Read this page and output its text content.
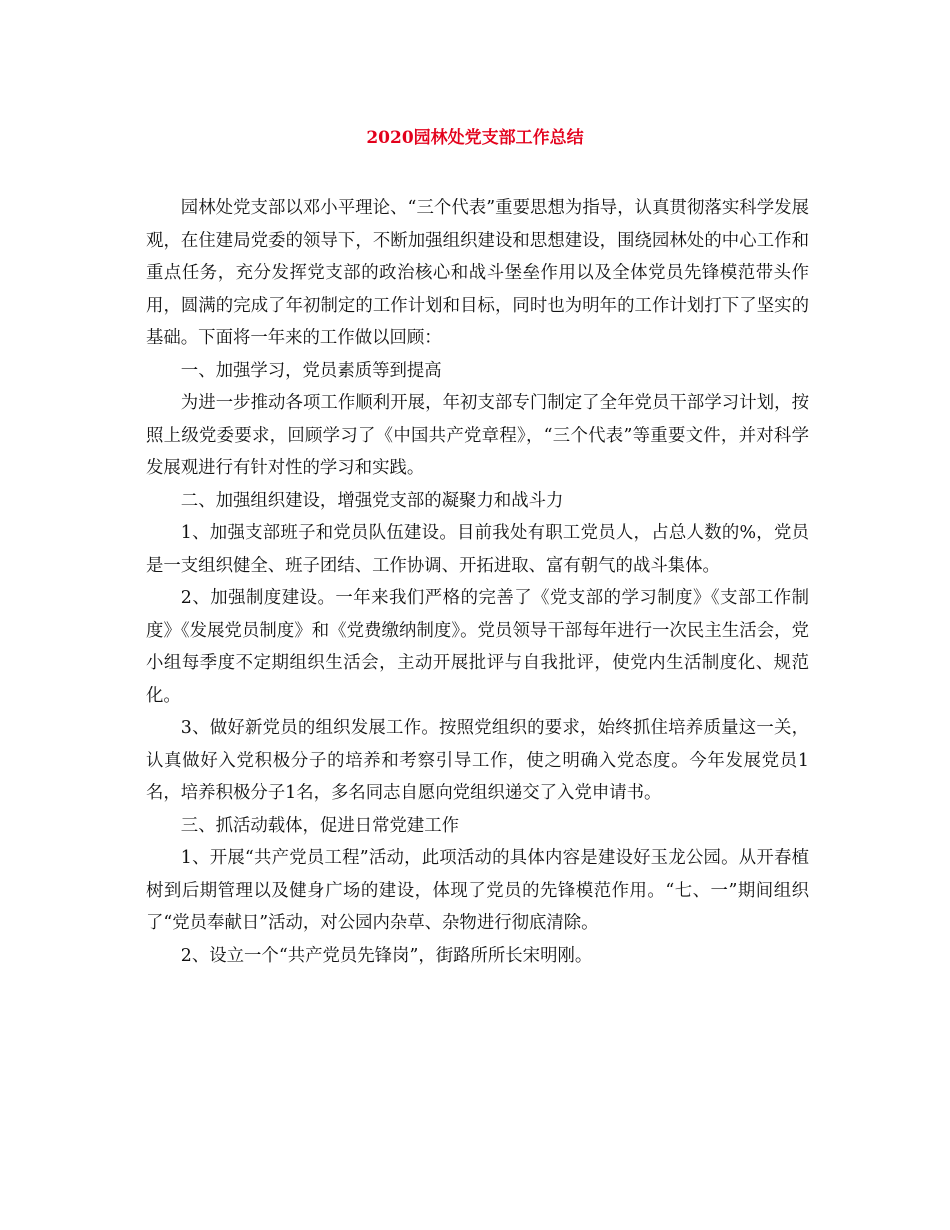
2020园林处党支部工作总结

园林处党支部以邓小平理论、“三个代表”重要思想为指导，认真贯彻落实科学发展观，在住建局党委的领导下，不断加强组织建设和思想建设，围绕园林处的中心工作和重点任务，充分发挥党支部的政治核心和战斗堡垒作用以及全体党员先锋模范带头作用，圆满的完成了年初制定的工作计划和目标，同时也为明年的工作计划打下了坚实的基础。下面将一年来的工作做以回顾：

一、加强学习，党员素质等到提高

为进一步推动各项工作顺利开展，年初支部专门制定了全年党员干部学习计划，按照上级党委要求，回顾学习了《中国共产党章程》，“三个代表”等重要文件，并对科学发展观进行有针对性的学习和实践。

二、加强组织建设，增强党支部的凝聚力和战斗力

1、加强支部班子和党员队伍建设。目前我处有职工党员人，占总人数的%，党员是一支组织健全、班子团结、工作协调、开拓进取、富有朝气的战斗集体。

2、加强制度建设。一年来我们严格的完善了《党支部的学习制度》《支部工作制度》《发展党员制度》和《党费缴纳制度》。党员领导干部每年进行一次民主生活会，党小组每季度不定期组织生活会，主动开展批评与自我批评，使党内生活制度化、规范化。

3、做好新党员的组织发展工作。按照党组织的要求，始终抓住培养质量这一关，认真做好入党积极分子的培养和考察引导工作，使之明确入党态度。今年发展党员1名，培养积极分子1名，多名同志自愿向党组织递交了入党申请书。

三、抓活动载体，促进日常党建工作

1、开展“共产党员工程”活动，此项活动的具体内容是建设好玉龙公园。从开春植树到后期管理以及健身广场的建设，体现了党员的先锋模范作用。“七、一”期间组织了“党员奉献日”活动，对公园内杂草、杂物进行彻底清除。

2、设立一个“共产党员先锋岗”，街路所所长宋明刚。
